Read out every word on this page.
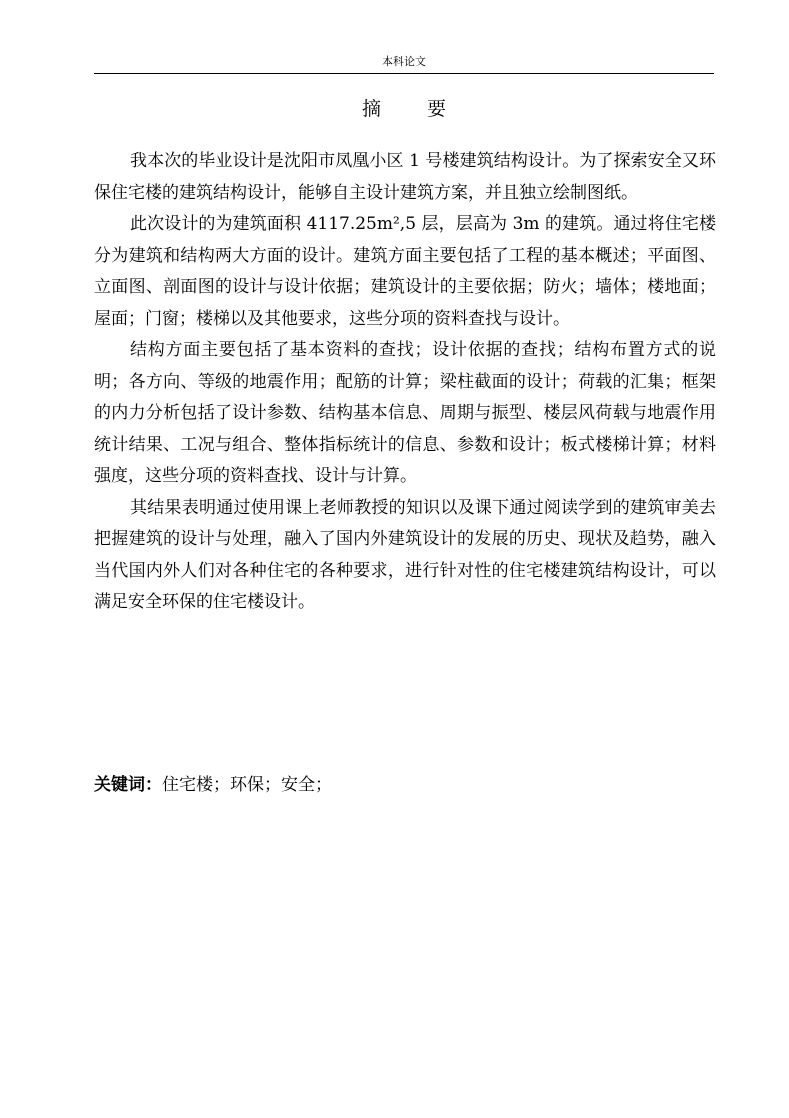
本科论文
摘 要

我本次的毕业设计是沈阳市凤凰小区 1 号楼建筑结构设计。为了探索安全又环保住宅楼的建筑结构设计，能够自主设计建筑方案，并且独立绘制图纸。

此次设计的为建筑面积 4117.25m²,5 层，层高为 3m 的建筑。通过将住宅楼分为建筑和结构两大方面的设计。建筑方面主要包括了工程的基本概述；平面图、立面图、剖面图的设计与设计依据；建筑设计的主要依据；防火；墙体；楼地面；屋面；门窗；楼梯以及其他要求，这些分项的资料查找与设计。

结构方面主要包括了基本资料的查找；设计依据的查找；结构布置方式的说明；各方向、等级的地震作用；配筋的计算；梁柱截面的设计；荷载的汇集；框架的内力分析包括了设计参数、结构基本信息、周期与振型、楼层风荷载与地震作用统计结果、工况与组合、整体指标统计的信息、参数和设计；板式楼梯计算；材料强度，这些分项的资料查找、设计与计算。

其结果表明通过使用课上老师教授的知识以及课下通过阅读学到的建筑审美去把握建筑的设计与处理，融入了国内外建筑设计的发展的历史、现状及趋势，融入当代国内外人们对各种住宅的各种要求，进行针对性的住宅楼建筑结构设计，可以满足安全环保的住宅楼设计。

关键词：住宅楼；环保；安全；
